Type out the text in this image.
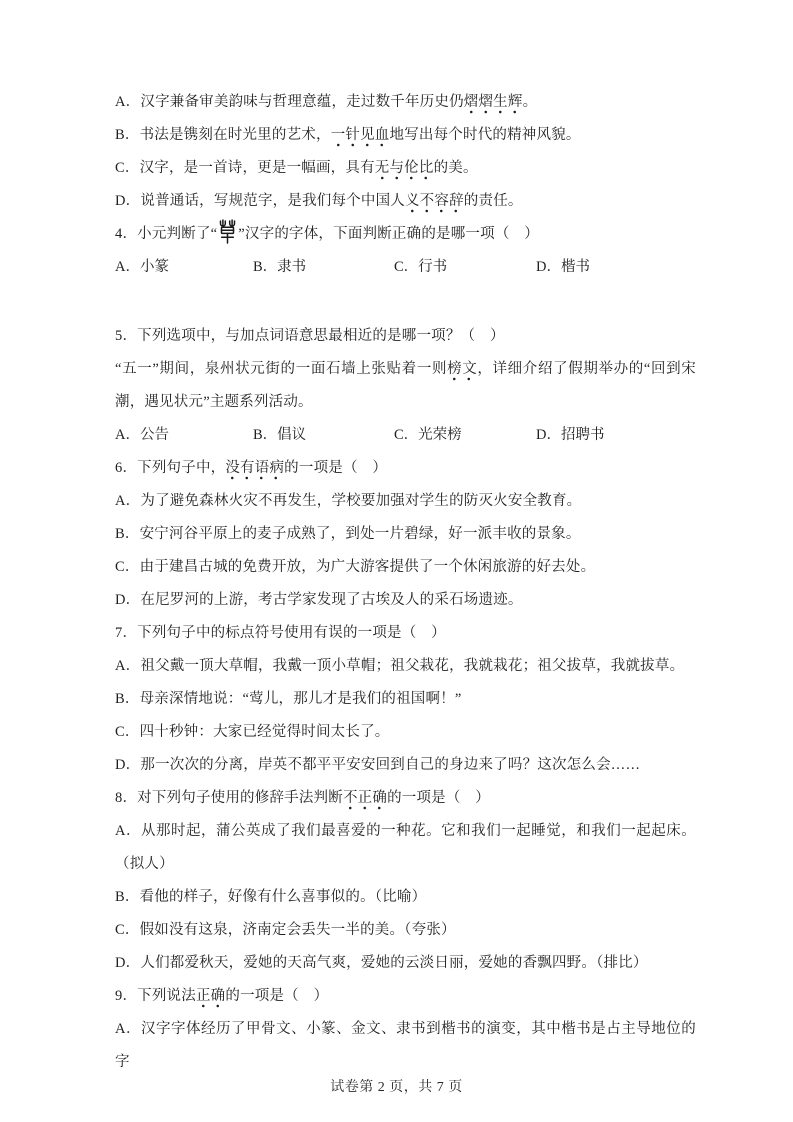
A．汉字兼备审美韵味与哲理意蕴，走过数千年历史仍熠熠生辉。

B．书法是镌刻在时光里的艺术，一针见血地写出每个时代的精神风貌。

C．汉字，是一首诗，更是一幅画，具有无与伦比的美。

D．说普通话，写规范字，是我们每个中国人义不容辞的责任。

4．小元判断了“ ”汉字的字体，下面判断正确的是哪一项（　）

A．小篆	B．隶书	C．行书	D．楷书

5．下列选项中，与加点词语意思最相近的是哪一项？（　）

“五一”期间，泉州状元街的一面石墙上张贴着一则榜文，详细介绍了假期举办的“回到宋潮，遇见状元”主题系列活动。

A．公告	B．倡议	C．光荣榜	D．招聘书

6．下列句子中，没有语病的一项是（　）

A．为了避免森林火灾不再发生，学校要加强对学生的防灭火安全教育。

B．安宁河谷平原上的麦子成熟了，到处一片碧绿，好一派丰收的景象。

C．由于建昌古城的免费开放，为广大游客提供了一个休闲旅游的好去处。

D．在尼罗河的上游，考古学家发现了古埃及人的采石场遗迹。

7．下列句子中的标点符号使用有误的一项是（　）

A．祖父戴一顶大草帽，我戴一顶小草帽；祖父栽花，我就栽花；祖父拔草，我就拔草。

B．母亲深情地说：“莺儿，那儿才是我们的祖国啊！”

C．四十秒钟：大家已经觉得时间太长了。

D．那一次次的分离，岸英不都平平安安回到自己的身边来了吗？这次怎么会……

8．对下列句子使用的修辞手法判断不正确的一项是（　）

A．从那时起，蒲公英成了我们最喜爱的一种花。它和我们一起睡觉，和我们一起起床。（拟人）

B．看他的样子，好像有什么喜事似的。（比喻）

C．假如没有这泉，济南定会丢失一半的美。（夸张）

D．人们都爱秋天，爱她的天高气爽，爱她的云淡日丽，爱她的香飘四野。（排比）

9．下列说法正确的一项是（　）

A．汉字字体经历了甲骨文、小篆、金文、隶书到楷书的演变，其中楷书是占主导地位的字

试卷第 2 页，共 7 页
